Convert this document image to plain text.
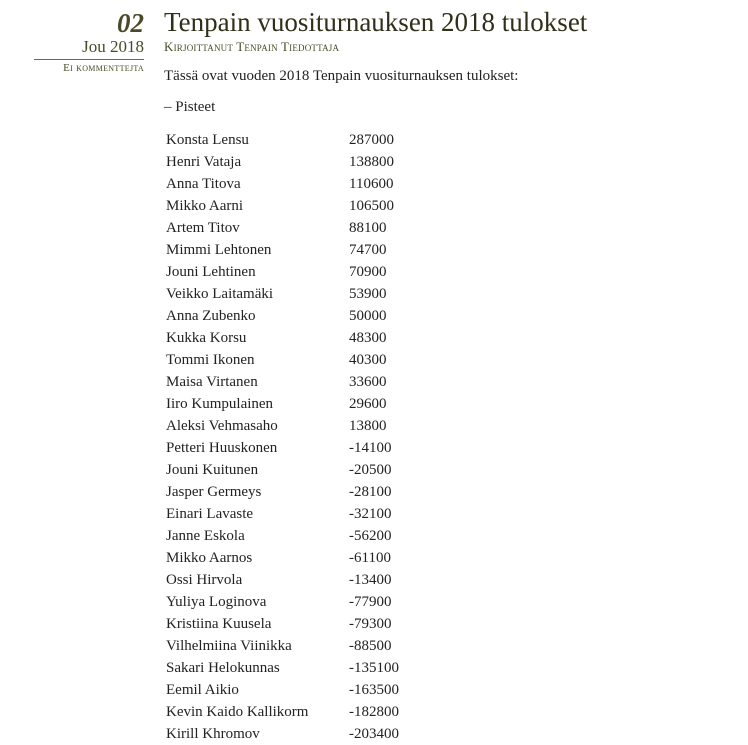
02
Jou 2018
Ei kommenttejta
Tenpain vuositurnauksen 2018 tulokset
Kirjoittanut Tenpain Tiedottaja
Tässä ovat vuoden 2018 Tenpain vuositurnauksen tulokset:
– Pisteet
Konsta Lensu	287000
Henri Vataja	138800
Anna Titova	110600
Mikko Aarni	106500
Artem Titov	88100
Mimmi Lehtonen	74700
Jouni Lehtinen	70900
Veikko Laitamäki	53900
Anna Zubenko	50000
Kukka Korsu	48300
Tommi Ikonen	40300
Maisa Virtanen	33600
Iiro Kumpulainen	29600
Aleksi Vehmasaho	13800
Petteri Huuskonen	-14100
Jouni Kuitunen	-20500
Jasper Germeys	-28100
Einari Lavaste	-32100
Janne Eskola	-56200
Mikko Aarnos	-61100
Ossi Hirvola	-13400
Yuliya Loginova	-77900
Kristiina Kuusela	-79300
Vilhelmiina Viinikka	-88500
Sakari Helokunnas	-135100
Eemil Aikio	-163500
Kevin Kaido Kallikorm	-182800
Kirill Khromov	-203400
